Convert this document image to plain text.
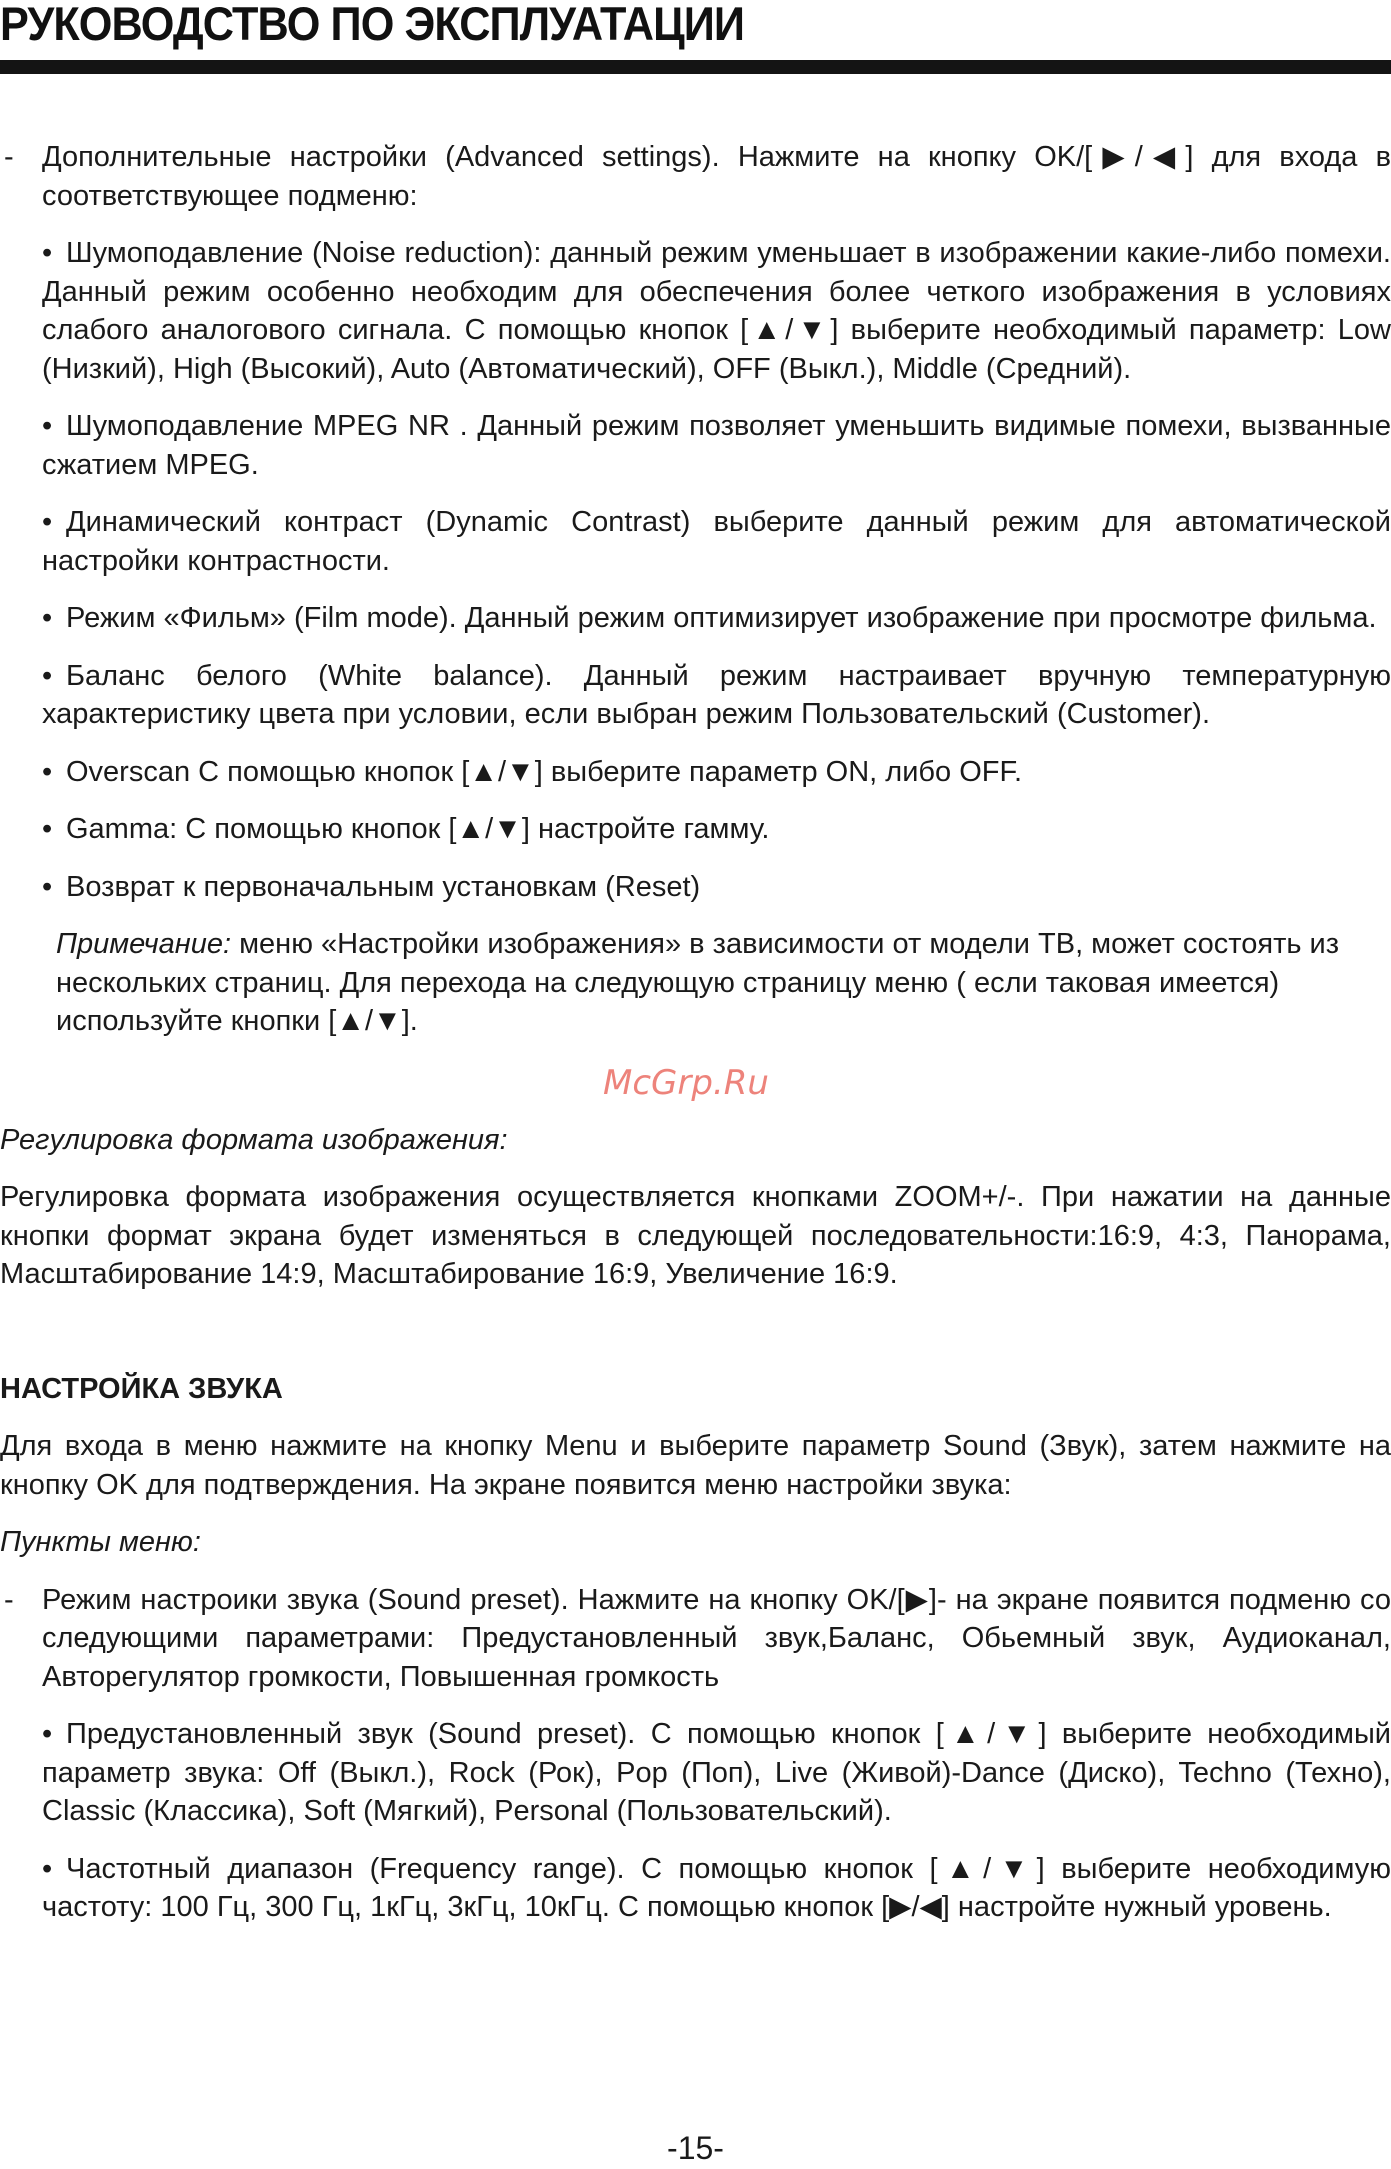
РУКОВОДСТВО ПО ЭКСПЛУАТАЦИИ

- Дополнительные настройки (Advanced settings). Нажмите на кнопку OK/[▶/◀] для входа в соответствующее подменю:

• Шумоподавление (Noise reduction): данный режим уменьшает в изображении какие-либо помехи. Данный режим особенно необходим для обеспечения более четкого изображения в условиях слабого аналогового сигнала. С помощью кнопок [▲/▼] выберите необходимый параметр: Low (Низкий), High (Высокий), Auto (Автоматический), OFF (Выкл.), Middle (Средний).

• Шумоподавление MPEG NR . Данный режим позволяет уменьшить видимые помехи, вызванные сжатием MPEG.

• Динамический контраст (Dynamic Contrast) выберите данный режим для автоматической настройки контрастности.

• Режим «Фильм» (Film mode). Данный режим оптимизирует изображение при просмотре фильма.

• Баланс белого (White balance). Данный режим настраивает вручную температурную характеристику цвета при условии, если выбран режим Пользовательский (Customer).

• Overscan С помощью кнопок [▲/▼] выберите параметр ON, либо OFF.

• Gamma: С помощью кнопок [▲/▼] настройте гамму.

• Возврат к первоначальным установкам (Reset)

Примечание: меню «Настройки изображения» в зависимости от модели ТВ, может состоять из нескольких страниц. Для перехода на следующую страницу меню ( если таковая имеется) используйте кнопки [▲/▼].

Регулировка формата изображения:

Регулировка формата изображения осуществляется кнопками ZOOM+/-. При нажатии на данные кнопки формат экрана будет изменяться в следующей последовательности:16:9, 4:3, Панорама, Масштабирование 14:9, Масштабирование 16:9, Увеличение 16:9.

НАСТРОЙКА ЗВУКА

Для входа в меню нажмите на кнопку Menu и выберите параметр Sound (Звук), затем нажмите на кнопку OK для подтверждения. На экране появится меню настройки звука:

Пункты меню:

- Режим настроики звука (Sound preset). Нажмите на кнопку OK/[▶]- на экране появится подменю со следующими параметрами: Предустановленный звук,Баланс, Обьемный звук, Аудиоканал, Авторегулятор громкости, Повышенная громкость

• Предустановленный звук (Sound preset). С помощью кнопок [▲/▼] выберите необходимый параметр звука: Off (Выкл.), Rock (Рок), Pop (Поп), Live (Живой)-Dance (Диско), Techno (Техно), Classic (Классика), Soft (Мягкий), Personal (Пользовательский).

• Частотный диапазон (Frequency range). С помощью кнопок [▲/▼] выберите необходимую частоту: 100 Гц, 300 Гц, 1кГц, 3кГц, 10кГц. С помощью кнопок [▶/◀] настройте нужный уровень.

McGrp.Ru
-15-
